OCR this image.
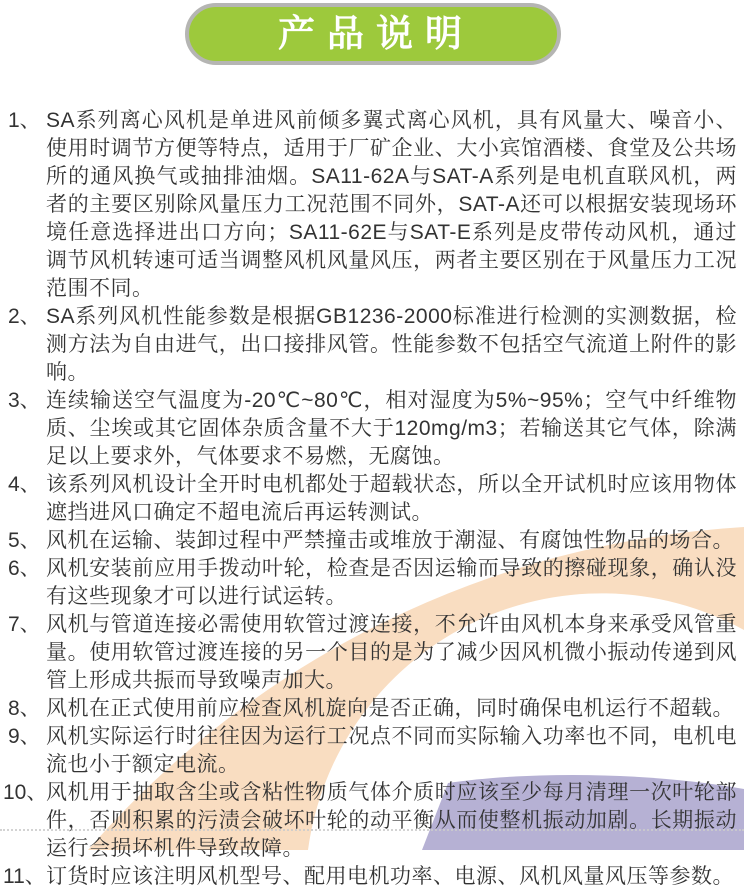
产品说明
1、 SA系列离心风机是单进风前倾多翼式离心风机，具有风量大、噪音小、使用时调节方便等特点，适用于厂矿企业、大小宾馆酒楼、食堂及公共场所的通风换气或抽排油烟。SA11-62A与SAT-A系列是电机直联风机，两者的主要区别除风量压力工况范围不同外，SAT-A还可以根据安装现场环境任意选择进出口方向；SA11-62E与SAT-E系列是皮带传动风机，通过调节风机转速可适当调整风机风量风压，两者主要区别在于风量压力工况范围不同。
2、 SA系列风机性能参数是根据GB1236-2000标准进行检测的实测数据，检测方法为自由进气，出口接排风管。性能参数不包括空气流道上附件的影响。
3、 连续输送空气温度为-20℃~80℃，相对湿度为5%~95%；空气中纤维物质、尘埃或其它固体杂质含量不大于120mg/m3；若输送其它气体，除满足以上要求外，气体要求不易燃，无腐蚀。
4、 该系列风机设计全开时电机都处于超载状态，所以全开试机时应该用物体遮挡进风口确定不超电流后再运转测试。
5、 风机在运输、装卸过程中严禁撞击或堆放于潮湿、有腐蚀性物品的场合。
6、 风机安装前应用手拨动叶轮，检查是否因运输而导致的擦碰现象，确认没有这些现象才可以进行试运转。
7、 风机与管道连接必需使用软管过渡连接，不允许由风机本身来承受风管重量。使用软管过渡连接的另一个目的是为了减少因风机微小振动传递到风管上形成共振而导致噪声加大。
8、 风机在正式使用前应检查风机旋向是否正确，同时确保电机运行不超载。
9、 风机实际运行时往往因为运行工况点不同而实际输入功率也不同，电机电流也小于额定电流。
10、
风机用于抽取含尘或含粘性物质气体介质时应该至少每月清理一次叶轮部件，否则积累的污渍会破坏叶轮的动平衡从而使整机振动加剧。长期振动运行会损坏机件导致故障。
11、 订货时应该注明风机型号、配用电机功率、电源、风机风量风压等参数。
